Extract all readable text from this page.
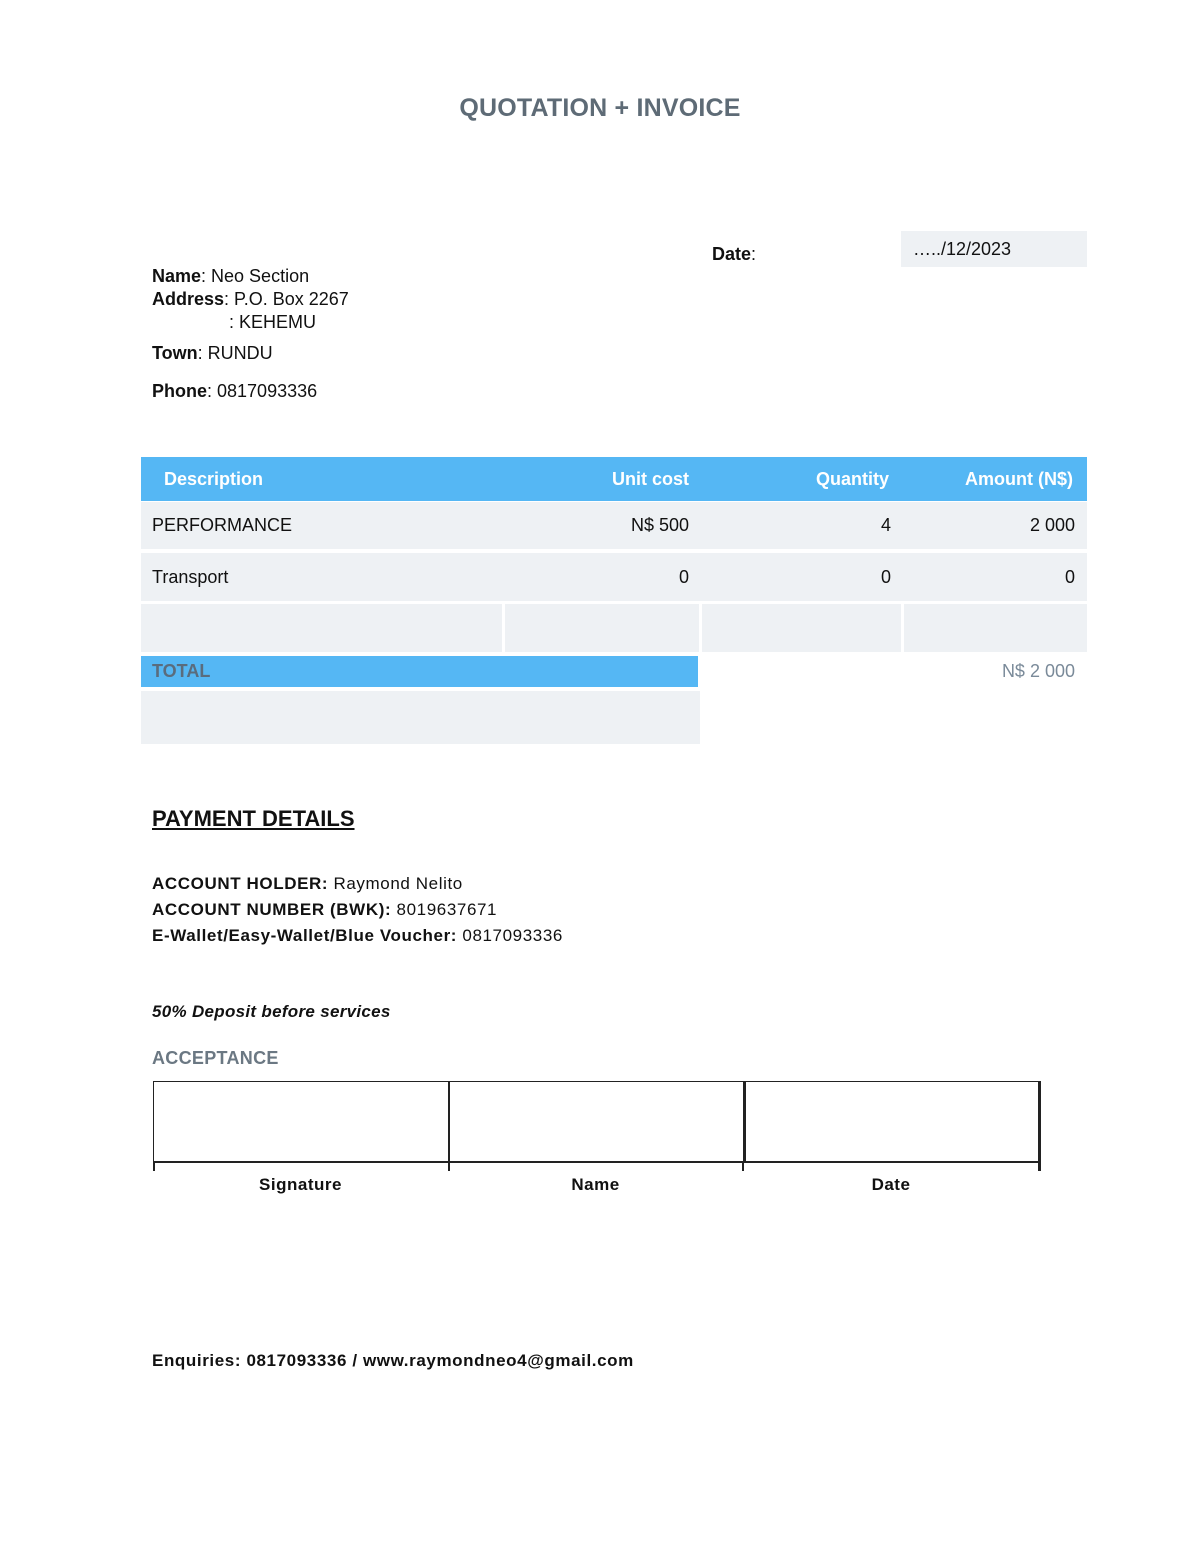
QUOTATION + INVOICE
Name: Neo Section
Address: P.O. Box 2267
: KEHEMU
Town: RUNDU
Phone: 0817093336
Date:	…../12/2023
Description	Unit cost	Quantity	Amount (N$)
PERFORMANCE	N$ 500	4	2 000
Transport	0	0	0
TOTAL	N$ 2 000
PAYMENT DETAILS
ACCOUNT HOLDER: Raymond Nelito
ACCOUNT NUMBER (BWK): 8019637671
E-Wallet/Easy-Wallet/Blue Voucher: 0817093336
50% Deposit before services
ACCEPTANCE
Signature	Name	Date
Enquiries: 0817093336 / www.raymondneo4@gmail.com
